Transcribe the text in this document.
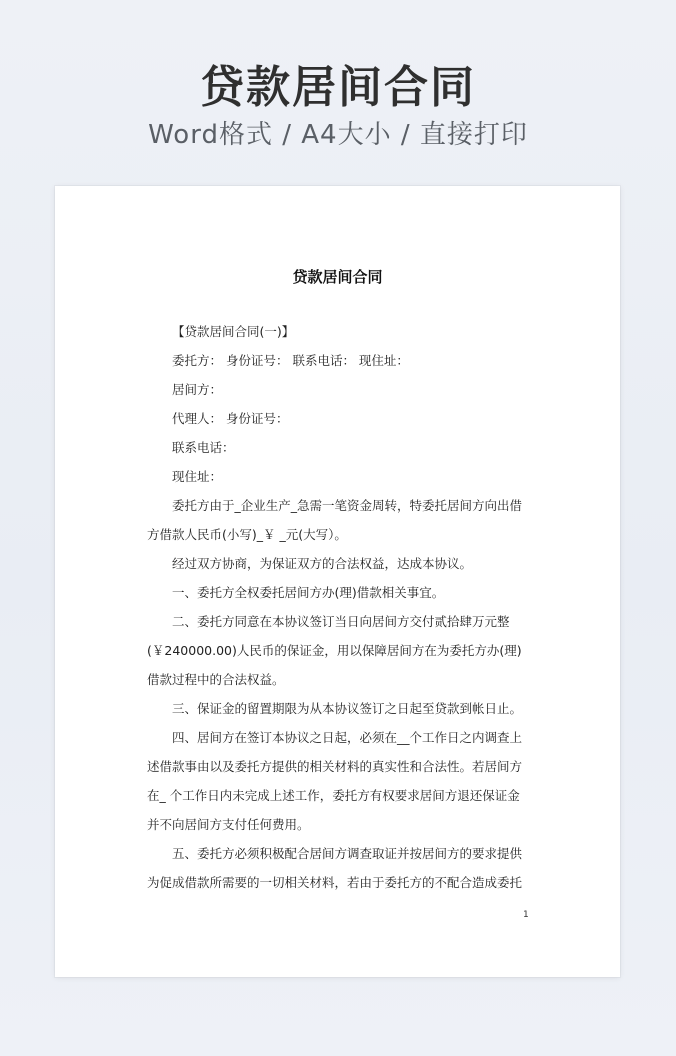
贷款居间合同
Word格式 / A4大小 / 直接打印
贷款居间合同

【贷款居间合同(一)】

委托方： 身份证号： 联系电话： 现住址：

居间方：

代理人： 身份证号：

联系电话：

现住址：

委托方由于_企业生产_急需一笔资金周转，特委托居间方向出借方借款人民币(小写)_￥ _元(大写）。

经过双方协商，为保证双方的合法权益，达成本协议。

一、委托方全权委托居间方办(理)借款相关事宜。

二、委托方同意在本协议签订当日向居间方交付贰拾肆万元整(￥240000.00)人民币的保证金，用以保障居间方在为委托方办(理)借款过程中的合法权益。

三、保证金的留置期限为从本协议签订之日起至贷款到帐日止。

四、居间方在签订本协议之日起，必须在__个工作日之内调查上述借款事由以及委托方提供的相关材料的真实性和合法性。若居间方在_ 个工作日内未完成上述工作，委托方有权要求居间方退还保证金并不向居间方支付任何费用。

五、委托方必须积极配合居间方调查取证并按居间方的要求提供为促成借款所需要的一切相关材料，若由于委托方的不配合造成委托

1
